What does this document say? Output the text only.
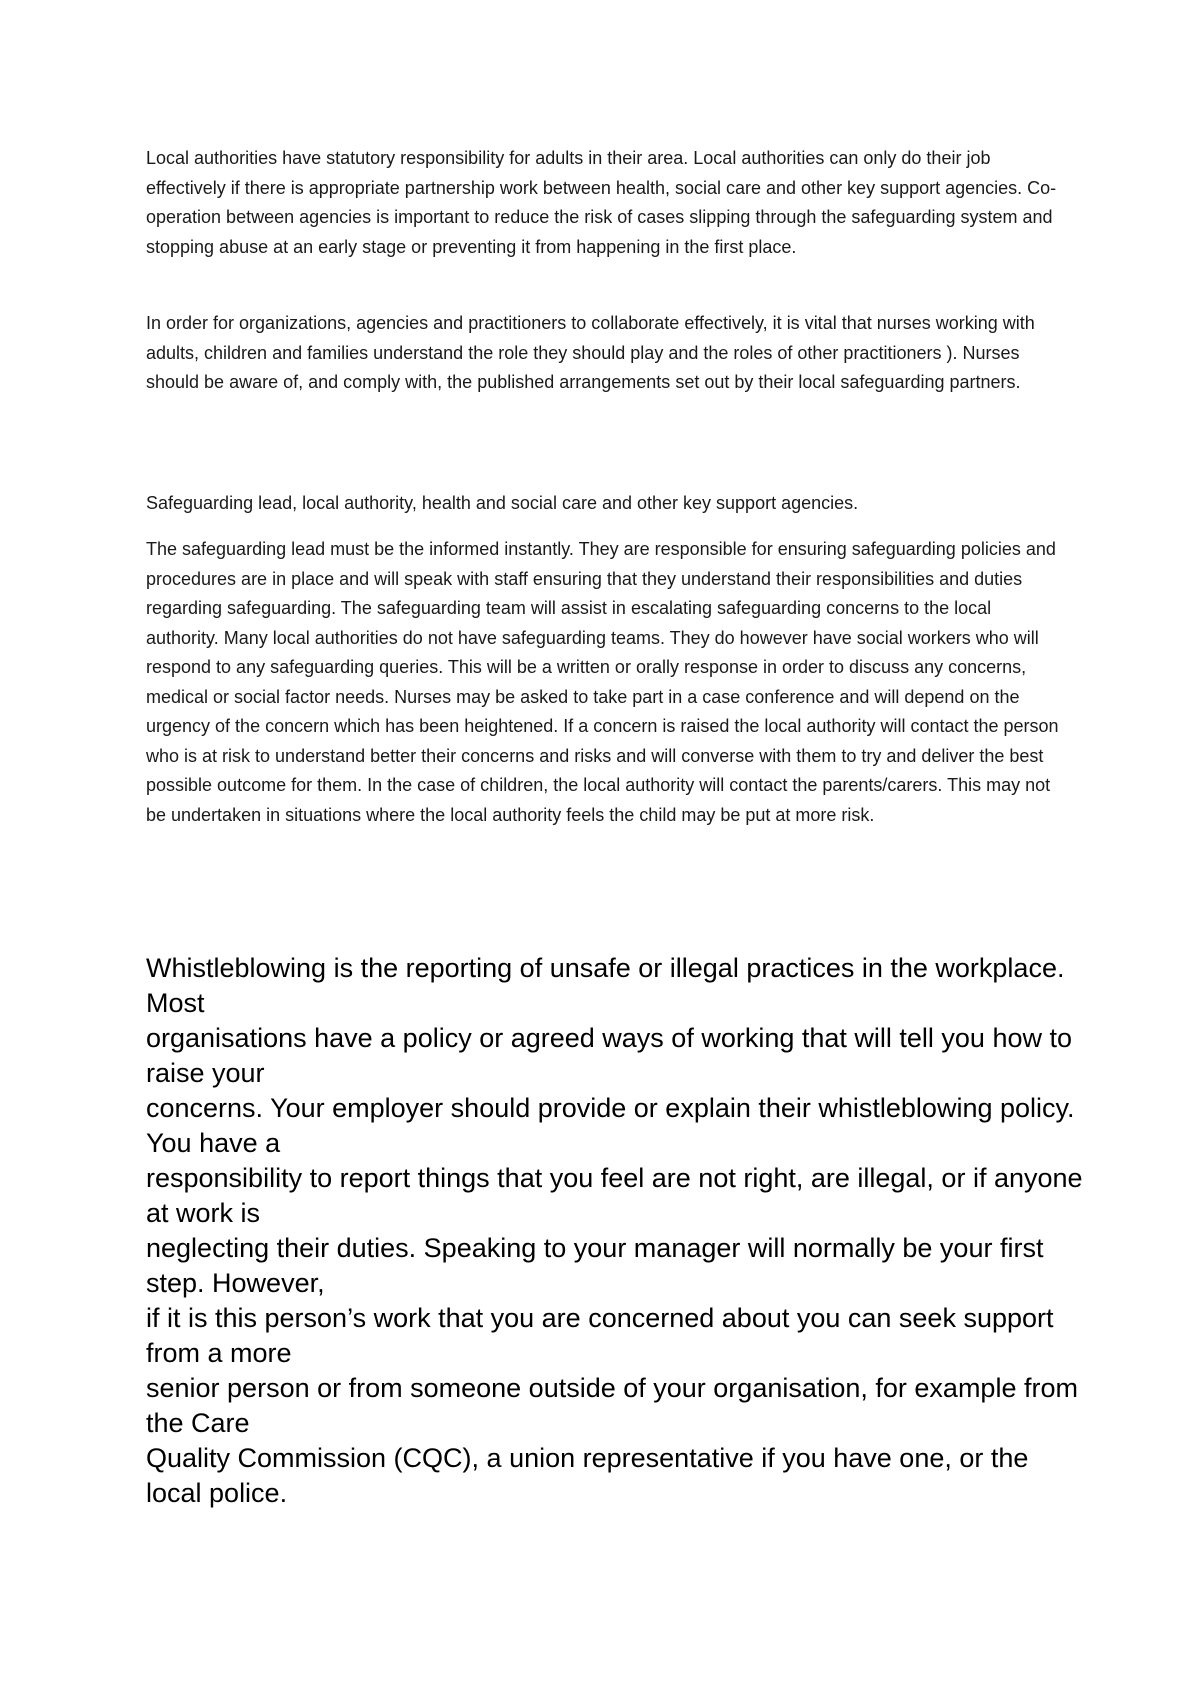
Local authorities have statutory responsibility for adults in their area. Local authorities can only do their job effectively if there is appropriate partnership work between health, social care and other key support agencies. Co-operation between agencies is important to reduce the risk of cases slipping through the safeguarding system and stopping abuse at an early stage or preventing it from happening in the first place.

In order for organizations, agencies and practitioners to collaborate effectively, it is vital that nurses working with adults, children and families understand the role they should play and the roles of other practitioners ). Nurses should be aware of, and comply with, the published arrangements set out by their local safeguarding partners.

Safeguarding lead, local authority, health and social care and other key support agencies.

The safeguarding lead must be the informed instantly. They are responsible for ensuring safeguarding policies and procedures are in place and will speak with staff ensuring that they understand their responsibilities and duties regarding safeguarding. The safeguarding team will assist in escalating safeguarding concerns to the local authority. Many local authorities do not have safeguarding teams. They do however have social workers who will respond to any safeguarding queries. This will be a written or orally response in order to discuss any concerns, medical or social factor needs. Nurses may be asked to take part in a case conference and will depend on the urgency of the concern which has been heightened. If a concern is raised the local authority will contact the person who is at risk to understand better their concerns and risks and will converse with them to try and deliver the best possible outcome for them. In the case of children, the local authority will contact the parents/carers. This may not be undertaken in situations where the local authority feels the child may be put at more risk.

Whistleblowing is the reporting of unsafe or illegal practices in the workplace. Most
organisations have a policy or agreed ways of working that will tell you how to raise your
concerns. Your employer should provide or explain their whistleblowing policy. You have a
responsibility to report things that you feel are not right, are illegal, or if anyone at work is
neglecting their duties. Speaking to your manager will normally be your first step. However,
if it is this person’s work that you are concerned about you can seek support from a more
senior person or from someone outside of your organisation, for example from the Care
Quality Commission (CQC), a union representative if you have one, or the local police.
